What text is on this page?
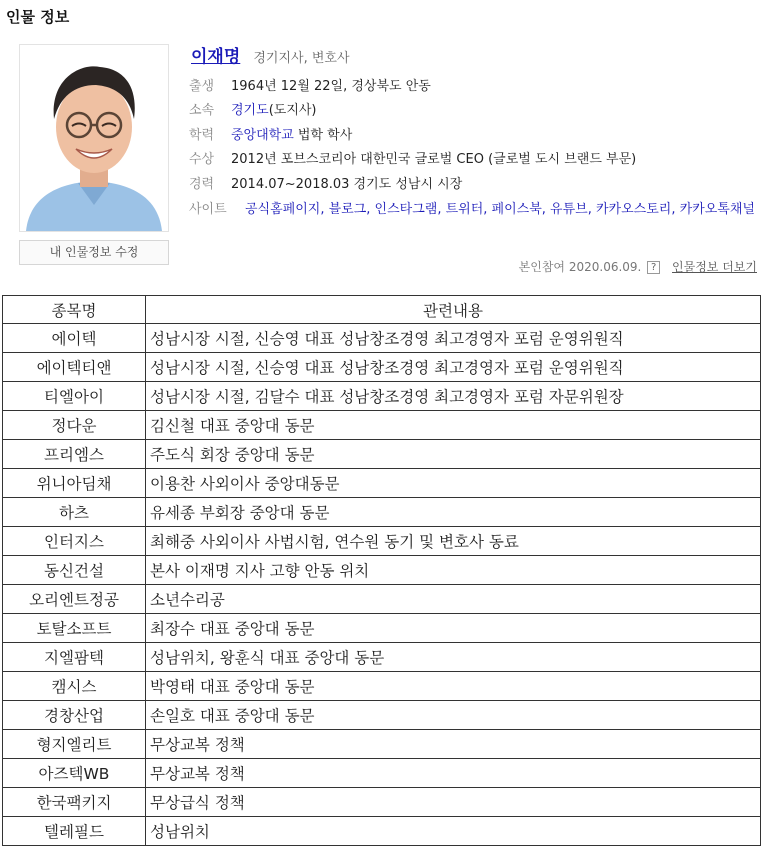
인물 정보
내 인물정보 수정
이재명 경기지사, 변호사
출생 1964년 12월 22일, 경상북도 안동
소속 경기도(도지사)
학력 중앙대학교 법학 학사
수상 2012년 포브스코리아 대한민국 글로벌 CEO (글로벌 도시 브랜드 부문)
경력 2014.07~2018.03 경기도 성남시 시장
사이트	공식홈페이지, 블로그, 인스타그램, 트위터, 페이스북, 유튜브, 카카오스토리, 카카오톡채널
본인참여 2020.06.09. ? 인물정보 더보기
종목명	관련내용
에이텍	성남시장 시절, 신승영 대표 성남창조경영 최고경영자 포럼 운영위원직
에이텍티앤	성남시장 시절, 신승영 대표 성남창조경영 최고경영자 포럼 운영위원직
티엘아이	성남시장 시절, 김달수 대표 성남창조경영 최고경영자 포럼 자문위원장
정다운	김신철 대표 중앙대 동문
프리엠스	주도식 회장 중앙대 동문
위니아딤채	이용찬 사외이사 중앙대동문
하츠	유세종 부회장 중앙대 동문
인터지스	최해중 사외이사 사법시험, 연수원 동기 및 변호사 동료
동신건설	본사 이재명 지사 고향 안동 위치
오리엔트정공	소년수리공
토탈소프트	최장수 대표 중앙대 동문
지엘팜텍	성남위치, 왕훈식 대표 중앙대 동문
캠시스	박영태 대표 중앙대 동문
경창산업	손일호 대표 중앙대 동문
형지엘리트	무상교복 정책
아즈텍WB	무상교복 정책
한국팩키지	무상급식 정책
텔레필드	성남위치
